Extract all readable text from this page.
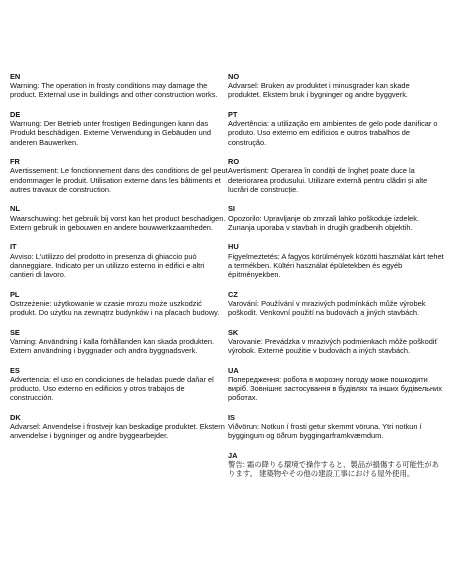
EN

Warning: The operation in frosty conditions may damage the product. External use in buildings and other construction works.

DE

Warnung: Der Betrieb unter frostigen Bedingungen kann das Produkt beschädigen. Externe Verwendung in Gebäuden und anderen Bauwerken.

FR

Avertissement: Le fonctionnement dans des conditions de gel peut endommager le produit. Utilisation externe dans les bâtiments et autres travaux de construction.

NL

Waarschuwing: het gebruik bij vorst kan het product beschadigen. Extern gebruik in gebouwen en andere bouwwerkzaamheden.

IT

Avviso: L'utilizzo del prodotto in presenza di ghiaccio può danneggiare. Indicato per un utilizzo esterno in edifici e altri cantieri di lavoro.

PL

Ostrzeżenie: użytkowanie w czasie mrozu może uszkodzić produkt. Do użytku na zewnątrz budynków i na placach budowy.

SE

Varning: Användning i kalla förhållanden kan skada produkten. Extern användning i byggnader och andra byggnadsverk.

ES

Advertencia: el uso en condiciones de heladas puede dañar el producto. Uso externo en edificios y otros trabajos de construcción.

DK

Advarsel: Anvendelse i frostvejr kan beskadige produktet. Ekstern anvendelse i bygninger og andre byggearbejder.

NO

Advarsel: Bruken av produktet i minusgrader kan skade produktet. Ekstern bruk i bygninger og andre byggverk.

PT

Advertência: a utilização em ambientes de gelo pode danificar o produto. Uso externo em edifícios e outros trabalhos de construção.

RO

Avertisment: Operarea în condiții de îngheț poate duce la deteriorarea produsului. Utilizare externă pentru clădiri și alte lucrări de construcție.

SI

Opozorilo: Upravljanje ob zmrzali lahko poškoduje izdelek. Zunanja uporaba v stavbah in drugih gradbenih objektih.

HU

Figyelmeztetés: A fagyos körülmények közötti használat kárt tehet a termékben. Kültéri használat épületekben és egyéb építményekben.

CZ

Varování: Používání v mrazivých podmínkách může výrobek poškodit. Venkovní použití na budovách a jiných stavbách.

SK

Varovanie: Prevádzka v mrazivých podmienkach môže poškodiť výrobok. Externé použitie v budovách a iných stavbách.

UA

Попередження: робота в морозну погоду може пошкодити виріб. Зовнішнє застосування в будівлях та інших будівельних роботах.

IS

Viðvörun: Notkun í frosti getur skemmt vöruna. Ytri notkun í byggingum og öðrum byggingarframkvæmdum.

JA

警告: 霜の降りる環境で操作すると、製品が損傷する可能性があります。 建築物やその他の建設工事における屋外使用。
